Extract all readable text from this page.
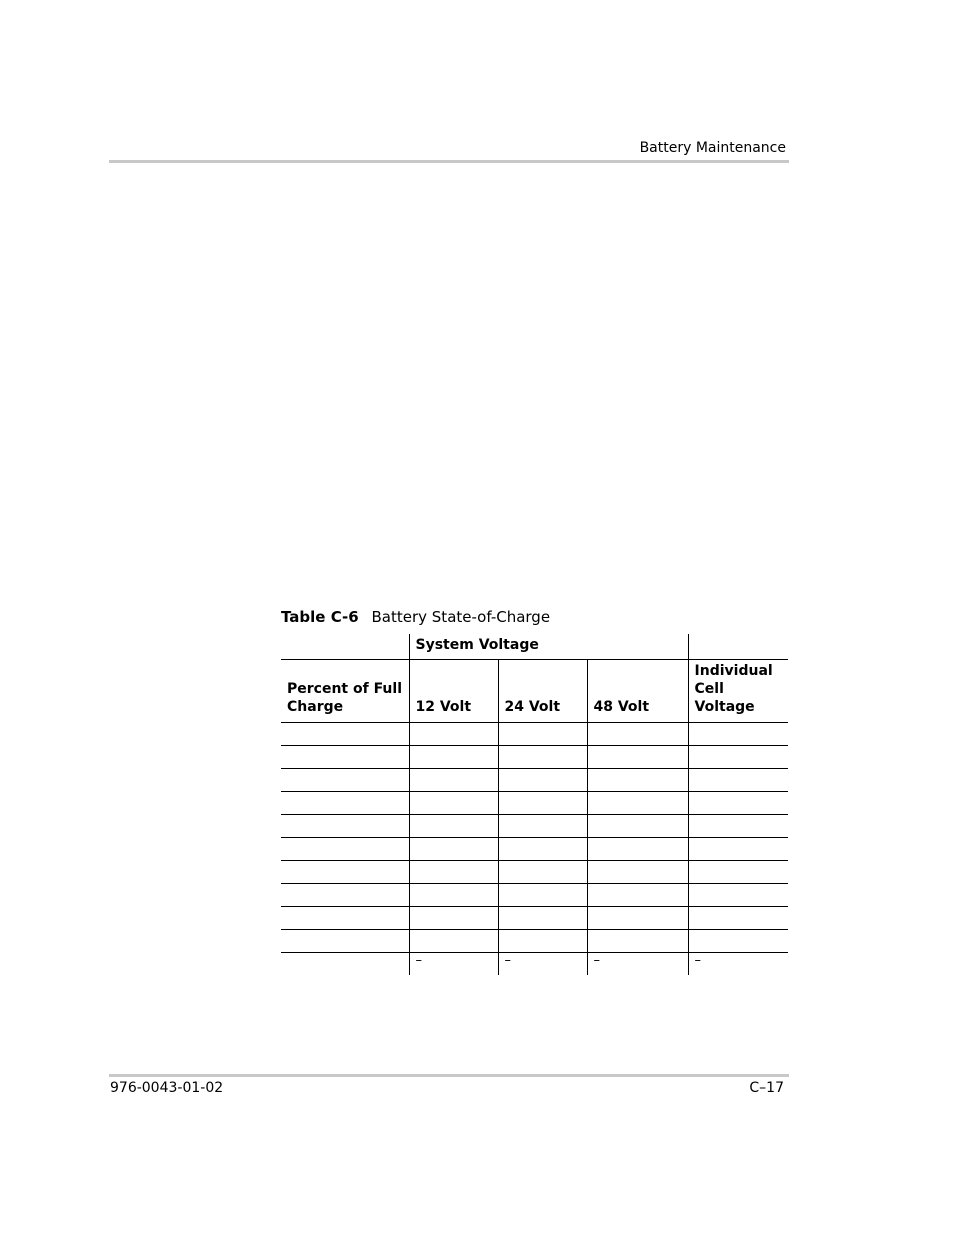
Battery Maintenance
Table C-6 Battery State-of-Charge
	System Voltage			
Percent of Full Charge	12 Volt	24 Volt	48 Volt	Individual Cell Voltage

	–	–	–	–
976-0043-01-02	C–17
